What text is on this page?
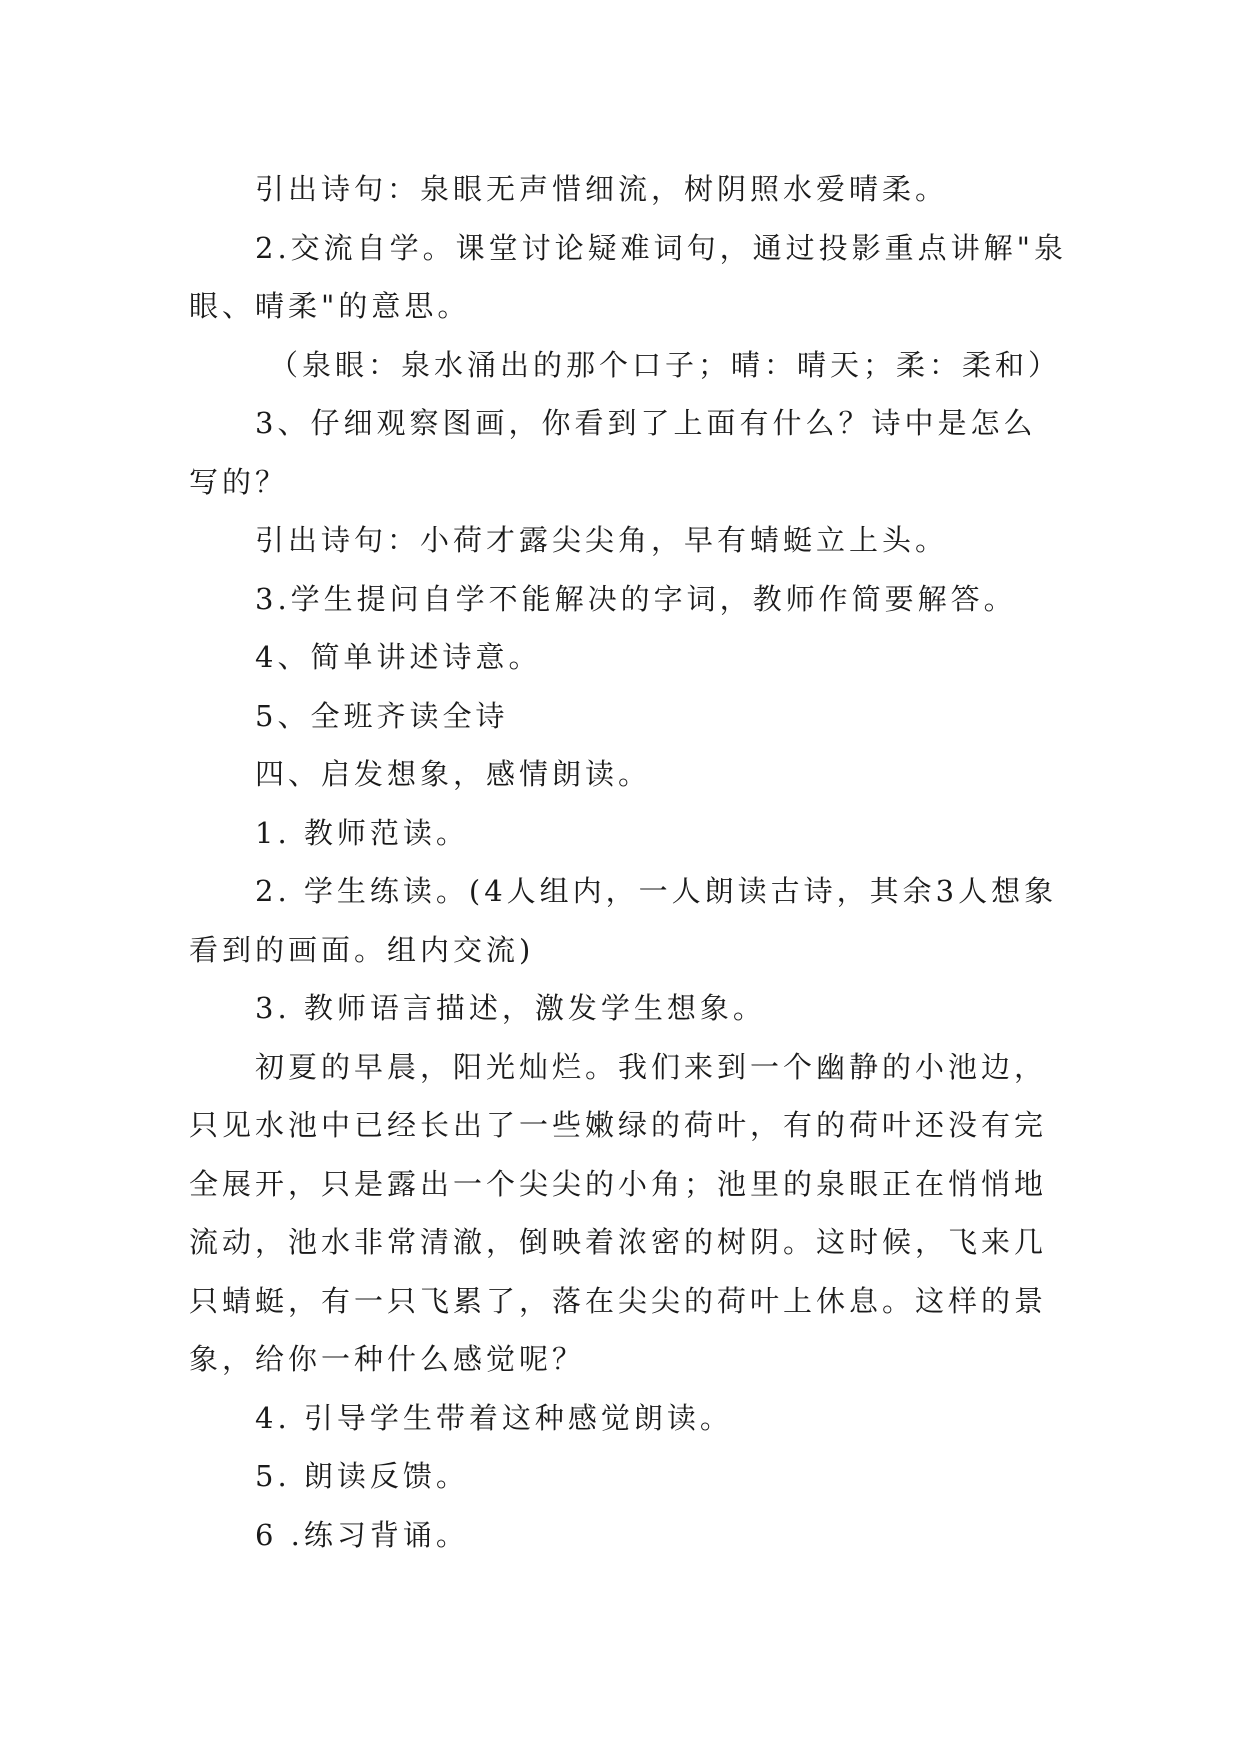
引出诗句：泉眼无声惜细流，树阴照水爱晴柔。

2.交流自学。课堂讨论疑难词句，通过投影重点讲解"泉眼、晴柔"的意思。

（泉眼：泉水涌出的那个口子；晴：晴天；柔：柔和）

3、仔细观察图画，你看到了上面有什么？诗中是怎么写的？

引出诗句：小荷才露尖尖角，早有蜻蜓立上头。

3.学生提问自学不能解决的字词，教师作简要解答。

4、简单讲述诗意。

5、全班齐读全诗

四、启发想象，感情朗读。

1. 教师范读。

2. 学生练读。(4人组内，一人朗读古诗，其余3人想象看到的画面。组内交流)

3. 教师语言描述，激发学生想象。

初夏的早晨，阳光灿烂。我们来到一个幽静的小池边，只见水池中已经长出了一些嫩绿的荷叶，有的荷叶还没有完全展开，只是露出一个尖尖的小角；池里的泉眼正在悄悄地流动，池水非常清澈，倒映着浓密的树阴。这时候，飞来几只蜻蜓，有一只飞累了，落在尖尖的荷叶上休息。这样的景象，给你一种什么感觉呢？

4. 引导学生带着这种感觉朗读。

5. 朗读反馈。

6 .练习背诵。
